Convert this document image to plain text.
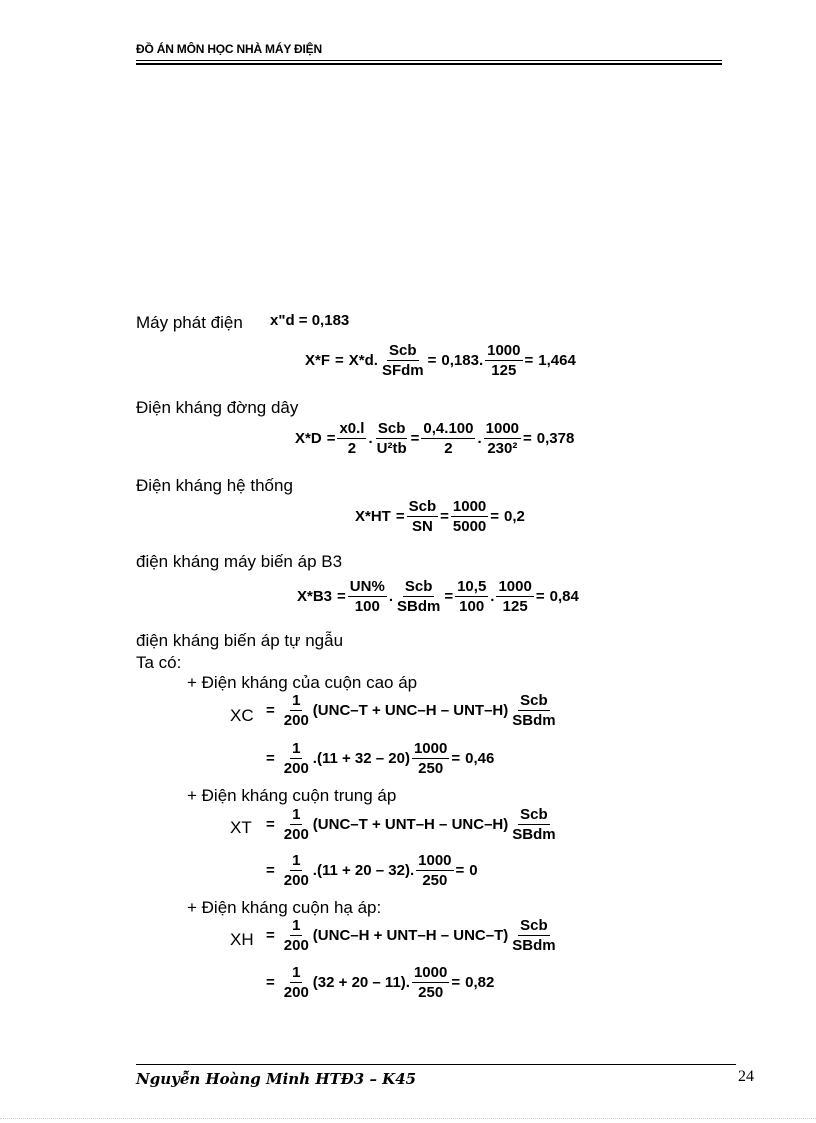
ĐỒ ÁN MÔN HỌC NHÀ MÁY ĐIỆN
Máy phát điện x"d = 0,183
X*F = X*d. $\frac{\text{Scb}}{\text{SFdm}} = 0,183$ . $\frac{1000}{125} = 1,464$
Điện kháng đờng dây
$X*D = \frac{x0.l}{2}$ . $\frac{\text{Scb}}{\text{U²tb}} = \frac{0,4.100}{2}$ . $\frac{1000}{\text{230²}} = 0,378$
Điện kháng hệ thống
$X*HT = \frac{\text{Scb}}{SN} = \frac{1000}{5000} = 0,2$
điện kháng máy biến áp B3
$X*B3 = \frac{UN\%}{100}$ . $\frac{\text{Scb}}{\text{SBdm}} = \frac{10,5}{100}$ . $\frac{1000}{125} = 0,84$
điện kháng biến áp tự ngẫu
Ta có:
+ Điện kháng của cuộn cao áp
XC = $\frac{1}{200} (UNC-T + UNC-H - UNT-H) \frac{\text{Scb}}{\text{SBdm}}$
= $\frac{1}{200}$ . $(11 + 32 - 20) \frac{1000}{250} = 0,46$
+ Điện kháng cuộn trung áp
XT = $\frac{1}{200} (UNC-T + UNT-H - UNC-H) \frac{\text{Scb}}{\text{SBdm}}$
= $\frac{1}{200}$ . (11 + 20 – 32) . $\frac{1000}{250} = 0$
+ Điện kháng cuộn hạ áp:
XH = $\frac{1}{200} (UNC-H + UNT-H - UNC-T) \frac{\text{Scb}}{\text{SBdm}}$
= $\frac{1}{200} (32 + 20 - 11)$ . $\frac{1000}{250} = 0,82$
Nguyễn Hoàng Minh HTĐ3 – K45	24
